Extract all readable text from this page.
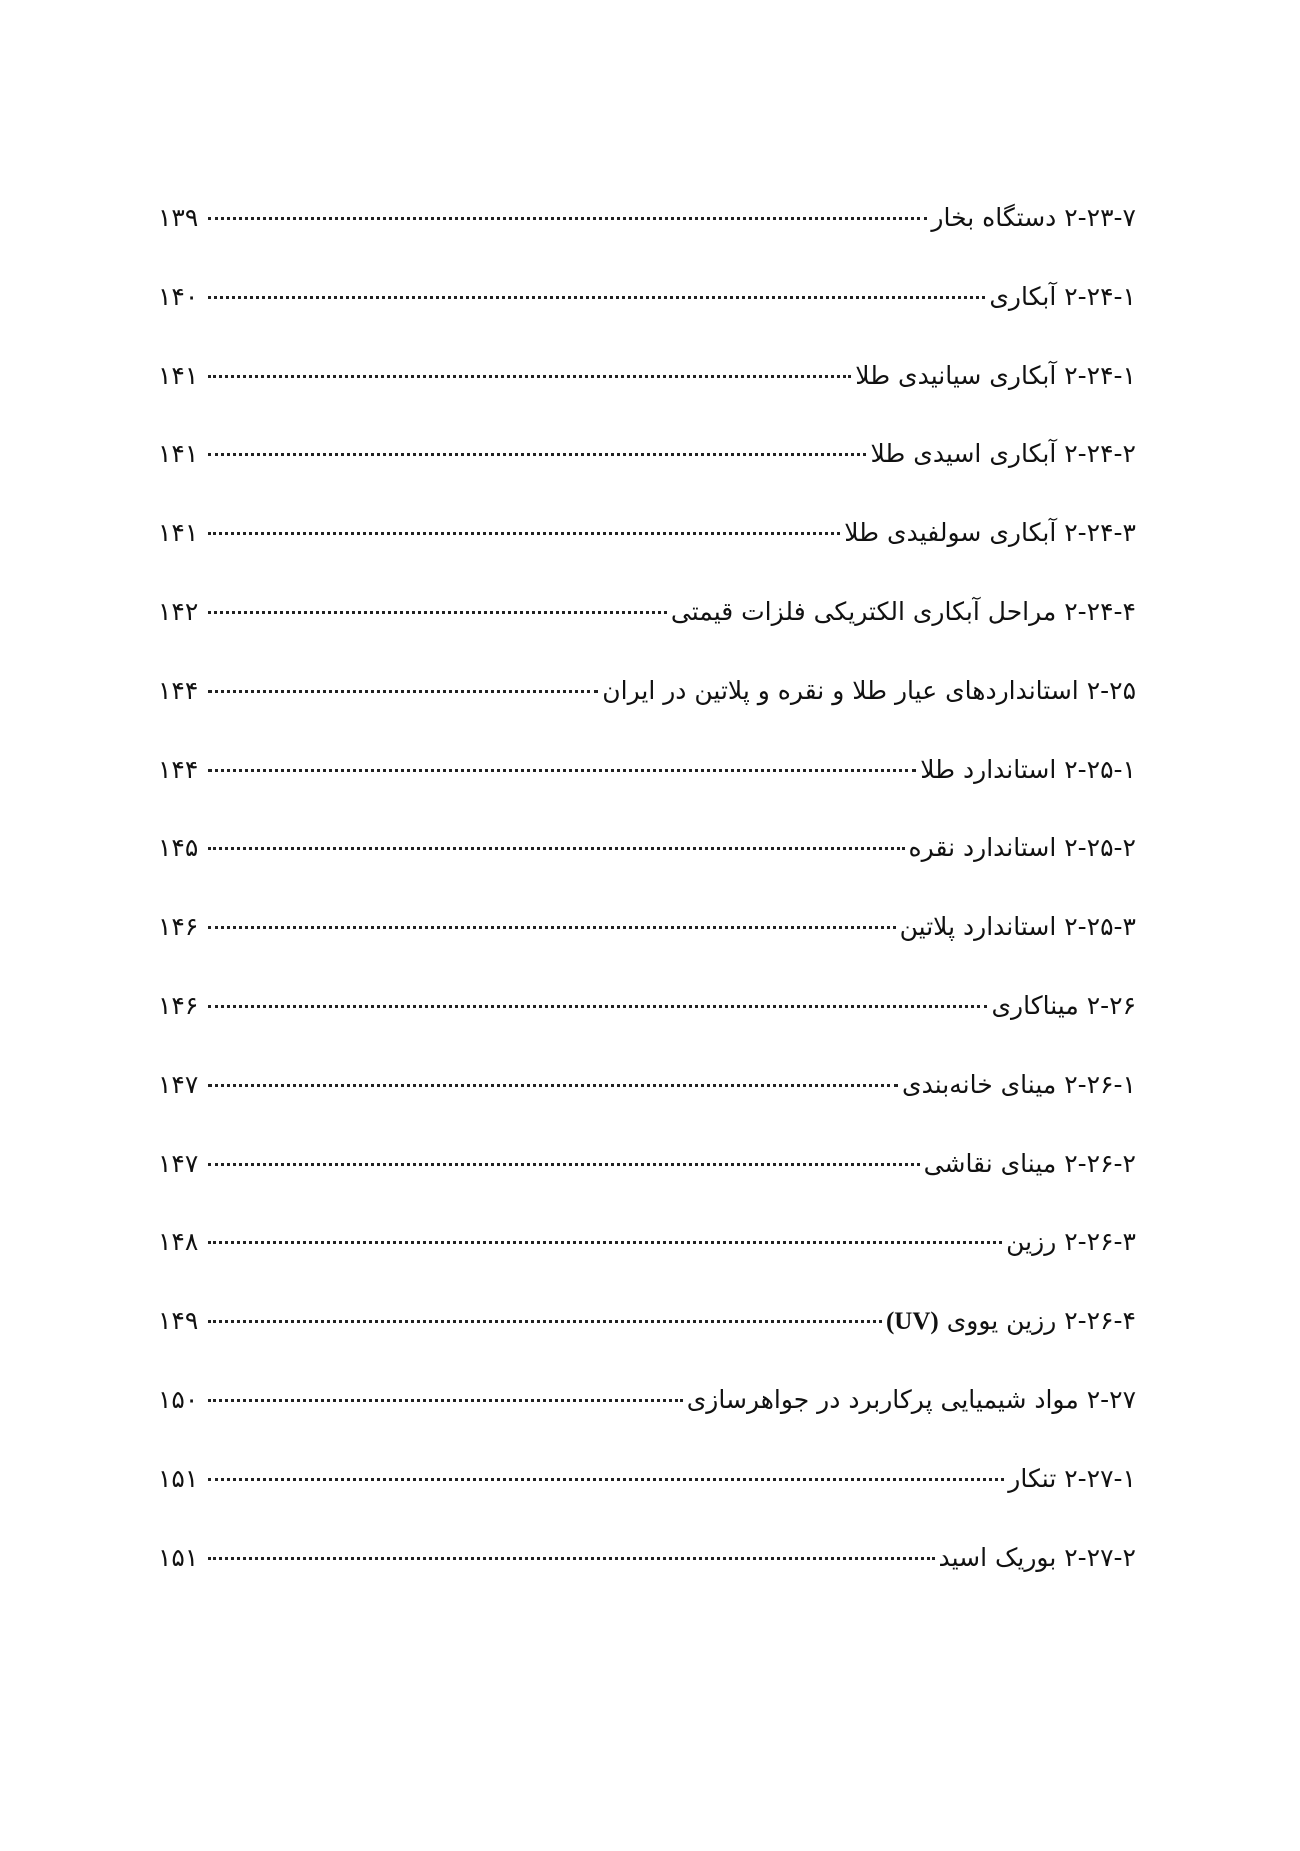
۲-۲۳-۷ دستگاه بخار
۱۳۹
۲-۲۴-۱ آبکاری
۱۴۰
۲-۲۴-۱ آبکاری سیانیدی طلا
۱۴۱
۲-۲۴-۲ آبکاری اسیدی طلا
۱۴۱
۲-۲۴-۳ آبکاری سولفیدی طلا
۱۴۱
۲-۲۴-۴ مراحل آبکاری الکتریکی فلزات قیمتی
۱۴۲
۲-۲۵ استانداردهای عیار طلا و نقره و پلاتین در ایران
۱۴۴
۲-۲۵-۱ استاندارد طلا
۱۴۴
۲-۲۵-۲ استاندارد نقره
۱۴۵
۲-۲۵-۳ استاندارد پلاتین
۱۴۶
۲-۲۶ میناکاری
۱۴۶
۲-۲۶-۱ مینای خانه‌بندی
۱۴۷
۲-۲۶-۲ مینای نقاشی
۱۴۷
۲-۲۶-۳ رزین
۱۴۸
۲-۲۶-۴ رزین یووی (UV)
۱۴۹
۲-۲۷ مواد شیمیایی پرکاربرد در جواهرسازی
۱۵۰
۲-۲۷-۱ تنکار
۱۵۱
۲-۲۷-۲ بوریک اسید
۱۵۱
